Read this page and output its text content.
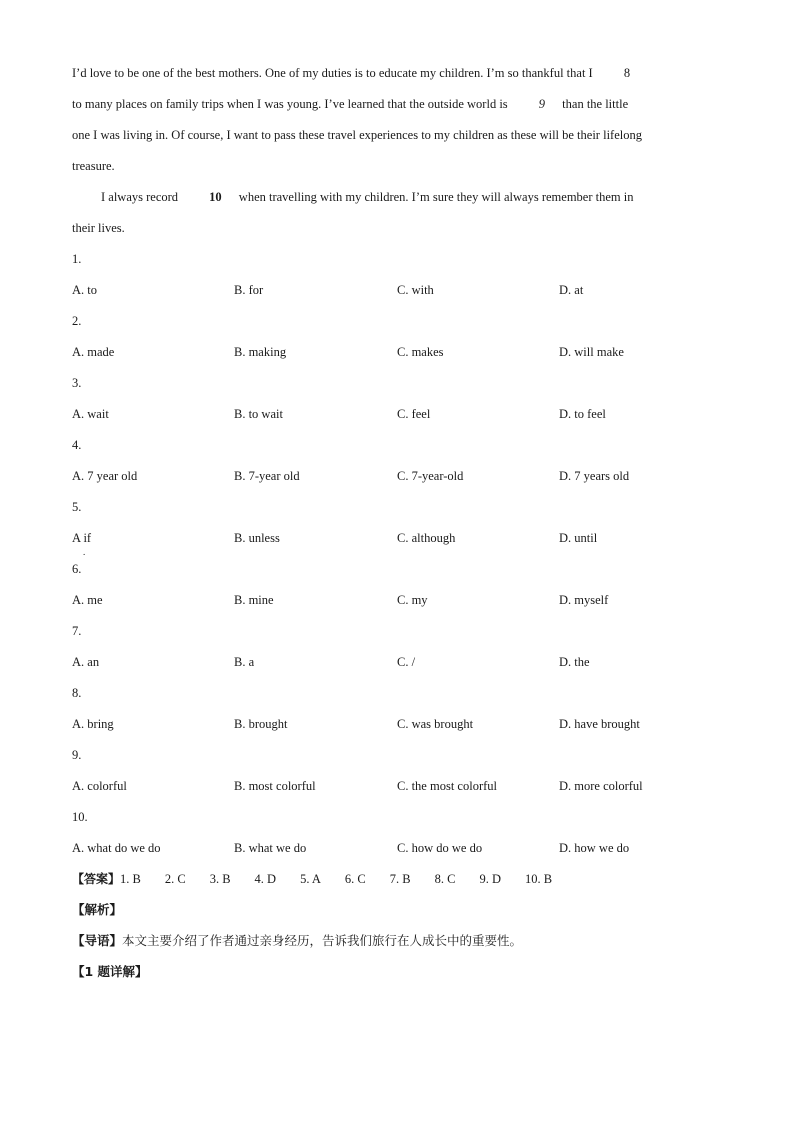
I’d love to be one of the best mothers. One of my duties is to educate my children. I’m so thankful that I 8
to many places on family trips when I was young. I’ve learned that the outside world is 9 than the little
one I was living in. Of course, I want to pass these travel experiences to my children as these will be their lifelong
treasure.
I always record 10 when travelling with my children. I’m sure they will always remember them in
their lives.
1.
A. to	B. for	C. with	D. at
2.
A. made	B. making	C. makes	D. will make
3.
A. wait	B. to wait	C. feel	D. to feel
4.
A. 7 year old	B. 7-year old	C. 7-year-old	D. 7 years old
5.
A if	B. unless	C. although	D. until
.
6.
A. me	B. mine	C. my	D. myself
7.
A. an	B. a	C. /	D. the
8.
A. bring	B. brought	C. was brought	D. have brought
9.
A. colorful	B. most colorful	C. the most colorful	D. more colorful
10.
A. what do we do	B. what we do	C. how do we do	D. how we do
【答案】1. B 2. C 3. B 4. D 5. A 6. C 7. B 8. C 9. D 10. B
【解析】
【导语】本文主要介绍了作者通过亲身经历，告诉我们旅行在人成长中的重要性。
【1 题详解】
